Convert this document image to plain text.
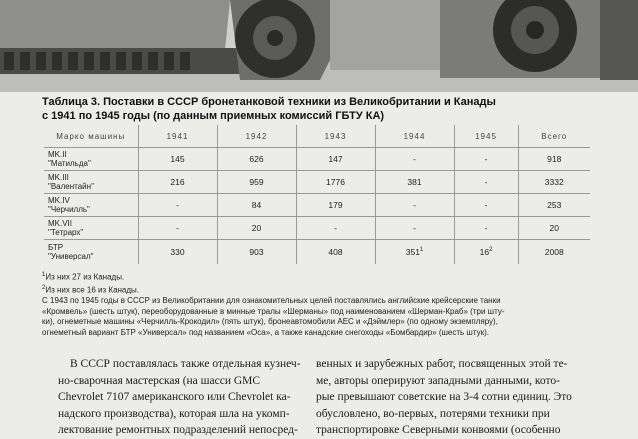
Таблица 3. Поставки в СССР бронетанковой техники из Великобритании и Канады
с 1941 по 1945 годы (по данным приемных комиссий ГБТУ КА)
Марко машины	1941	1942	1943	1944	1945	Всего

MK.II
"Матильда"	145	626	147	-	-	918

MK.III
"Валентайн"	216	959	1776	381	-	3332

MK.IV
"Черчилль"	-	84	179	-	-	253

MK.VII
"Тетрарх"	-	20	-	-	-	20

БТР
"Универсал"	330	903	408	$351^1$	$16^2$	2008

$^1$Из них 27 из Канады.

$^2$Из них все 16 из Канады.

С 1943 по 1945 годы в СССР из Великобритании для ознакомительных целей поставлялись английские крейсерские танки

«Кромвель» (шесть штук), переоборудованные в минные тралы «Шерманы» под наименованием «Шерман-Краб» (три шту-

ки), огнеметные машины «Черчилль-Крокодил» (пять штук), бронеавтомобили АЕС и «Дэймлер» (по одному экземпляру),

огнеметный вариант БТР «Универсал» под названием «Оса», а также канадские снегоходы «Бомбардир» (шесть штук).

В СССР поставлялась также отдельная кузнеч-

но-сварочная мастерская (на шасси GMC

Chevrolet 7107 американского или Chevrolet ка-

надского производства), которая шла на укомп-

лектование ремонтных подразделений непосред-

венных и зарубежных работ, посвященных этой те-

ме, авторы оперируют западными данными, кото-

рые превышают советские на 3-4 сотни единиц. Это

обусловлено, во-первых, потерями техники при

транспортировке Северными конвоями (особенно
